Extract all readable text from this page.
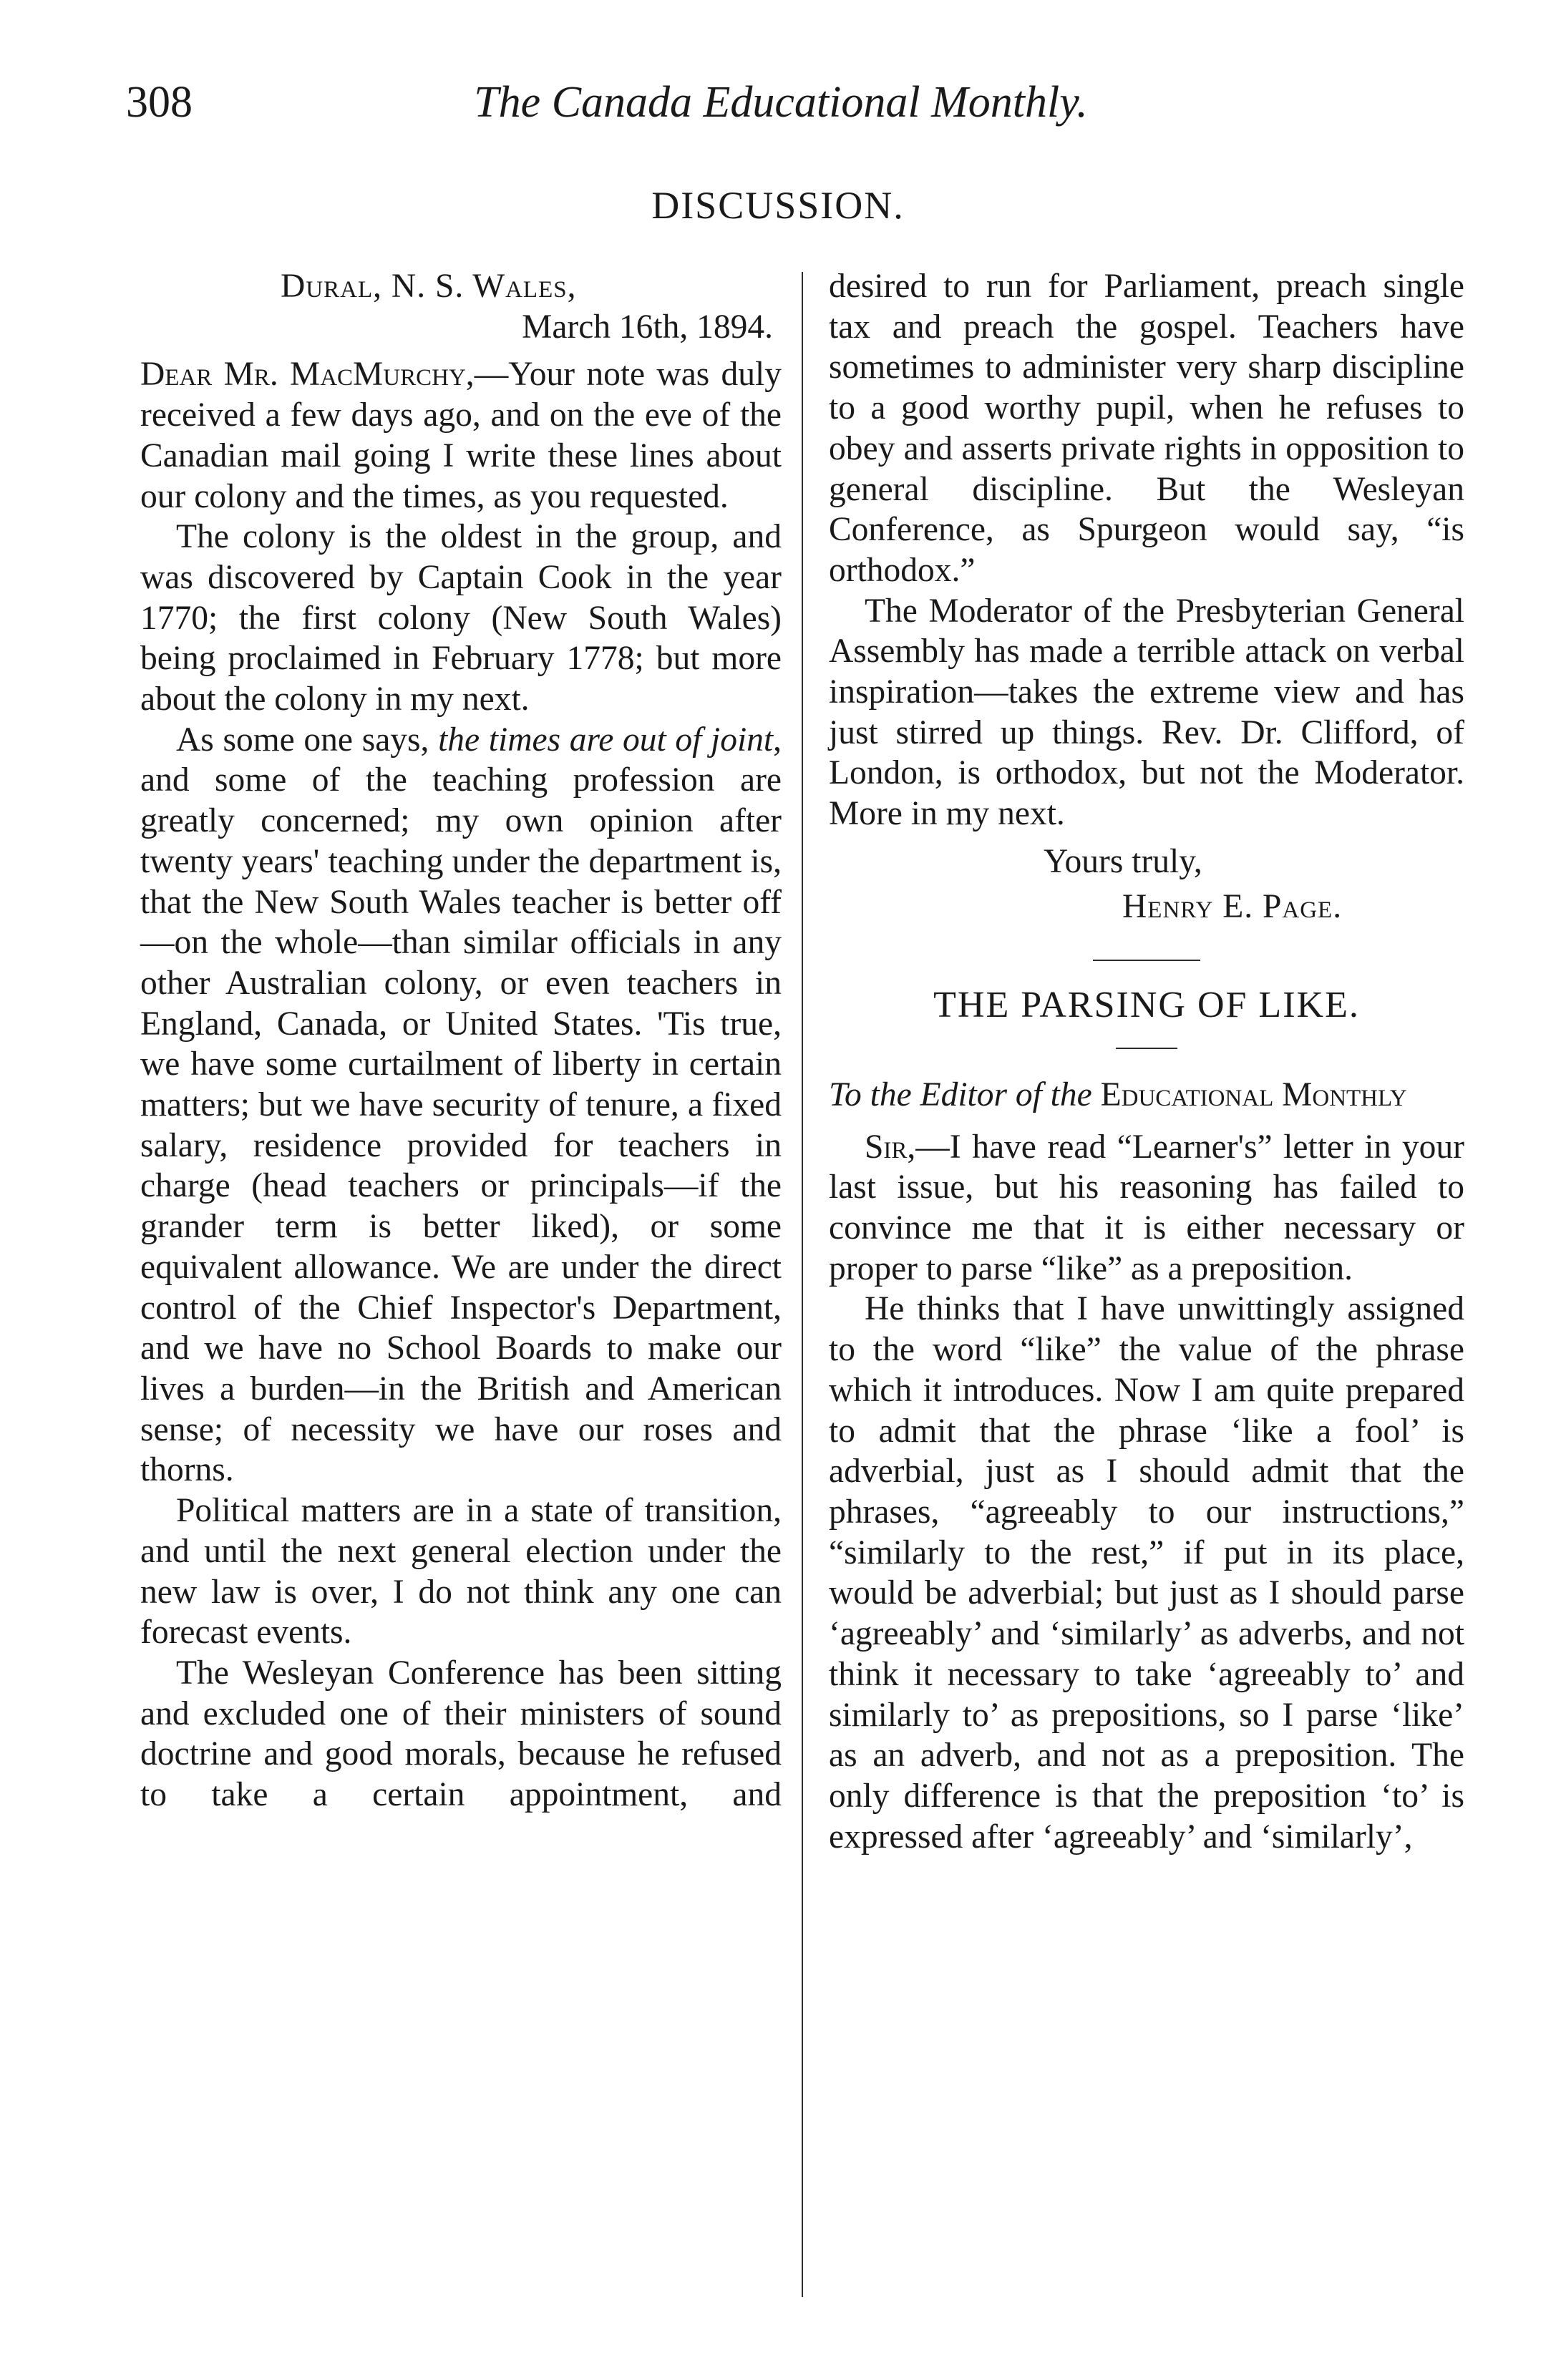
308	The Canada Educational Monthly.
DISCUSSION.

Dural, N. S. Wales,

March 16th, 1894.

Dear Mr. MacMurchy,—Your note was duly received a few days ago, and on the eve of the Canadian mail going I write these lines about our colony and the times, as you requested.

The colony is the oldest in the group, and was discovered by Captain Cook in the year 1770; the first colony (New South Wales) being proclaimed in February 1778; but more about the colony in my next.

As some one says, the times are out of joint, and some of the teaching profession are greatly concerned; my own opinion after twenty years' teaching under the department is, that the New South Wales teacher is better off—on the whole—than similar officials in any other Australian colony, or even teachers in England, Canada, or United States. 'Tis true, we have some curtailment of liberty in certain matters; but we have security of tenure, a fixed salary, residence provided for teachers in charge (head teachers or principals—if the grander term is better liked), or some equivalent allowance. We are under the direct control of the Chief Inspector's Department, and we have no School Boards to make our lives a burden—in the British and American sense; of necessity we have our roses and thorns.

Political matters are in a state of transition, and until the next general election under the new law is over, I do not think any one can forecast events.

The Wesleyan Conference has been sitting and excluded one of their ministers of sound doctrine and good morals, because he refused to take a certain appointment, and

desired to run for Parliament, preach single tax and preach the gospel. Teachers have sometimes to administer very sharp discipline to a good worthy pupil, when he refuses to obey and asserts private rights in opposition to general discipline. But the Wesleyan Conference, as Spurgeon would say, “is orthodox.”

The Moderator of the Presbyterian General Assembly has made a terrible attack on verbal inspiration—takes the extreme view and has just stirred up things. Rev. Dr. Clifford, of London, is orthodox, but not the Moderator. More in my next.

Yours truly,

Henry E. Page.

THE PARSING OF LIKE.

To the Editor of the Educational Monthly

Sir,—I have read “Learner's” letter in your last issue, but his reasoning has failed to convince me that it is either necessary or proper to parse “like” as a preposition.

He thinks that I have unwittingly assigned to the word “like” the value of the phrase which it introduces. Now I am quite prepared to admit that the phrase ‘like a fool’ is adverbial, just as I should admit that the phrases, “agreeably to our instructions,” “similarly to the rest,” if put in its place, would be adverbial; but just as I should parse ‘agreeably’ and ‘similarly’ as adverbs, and not think it necessary to take ‘agreeably to’ and similarly to’ as prepositions, so I parse ‘like’ as an adverb, and not as a preposition. The only difference is that the preposition ‘to’ is expressed after ‘agreeably’ and ‘similarly’,
